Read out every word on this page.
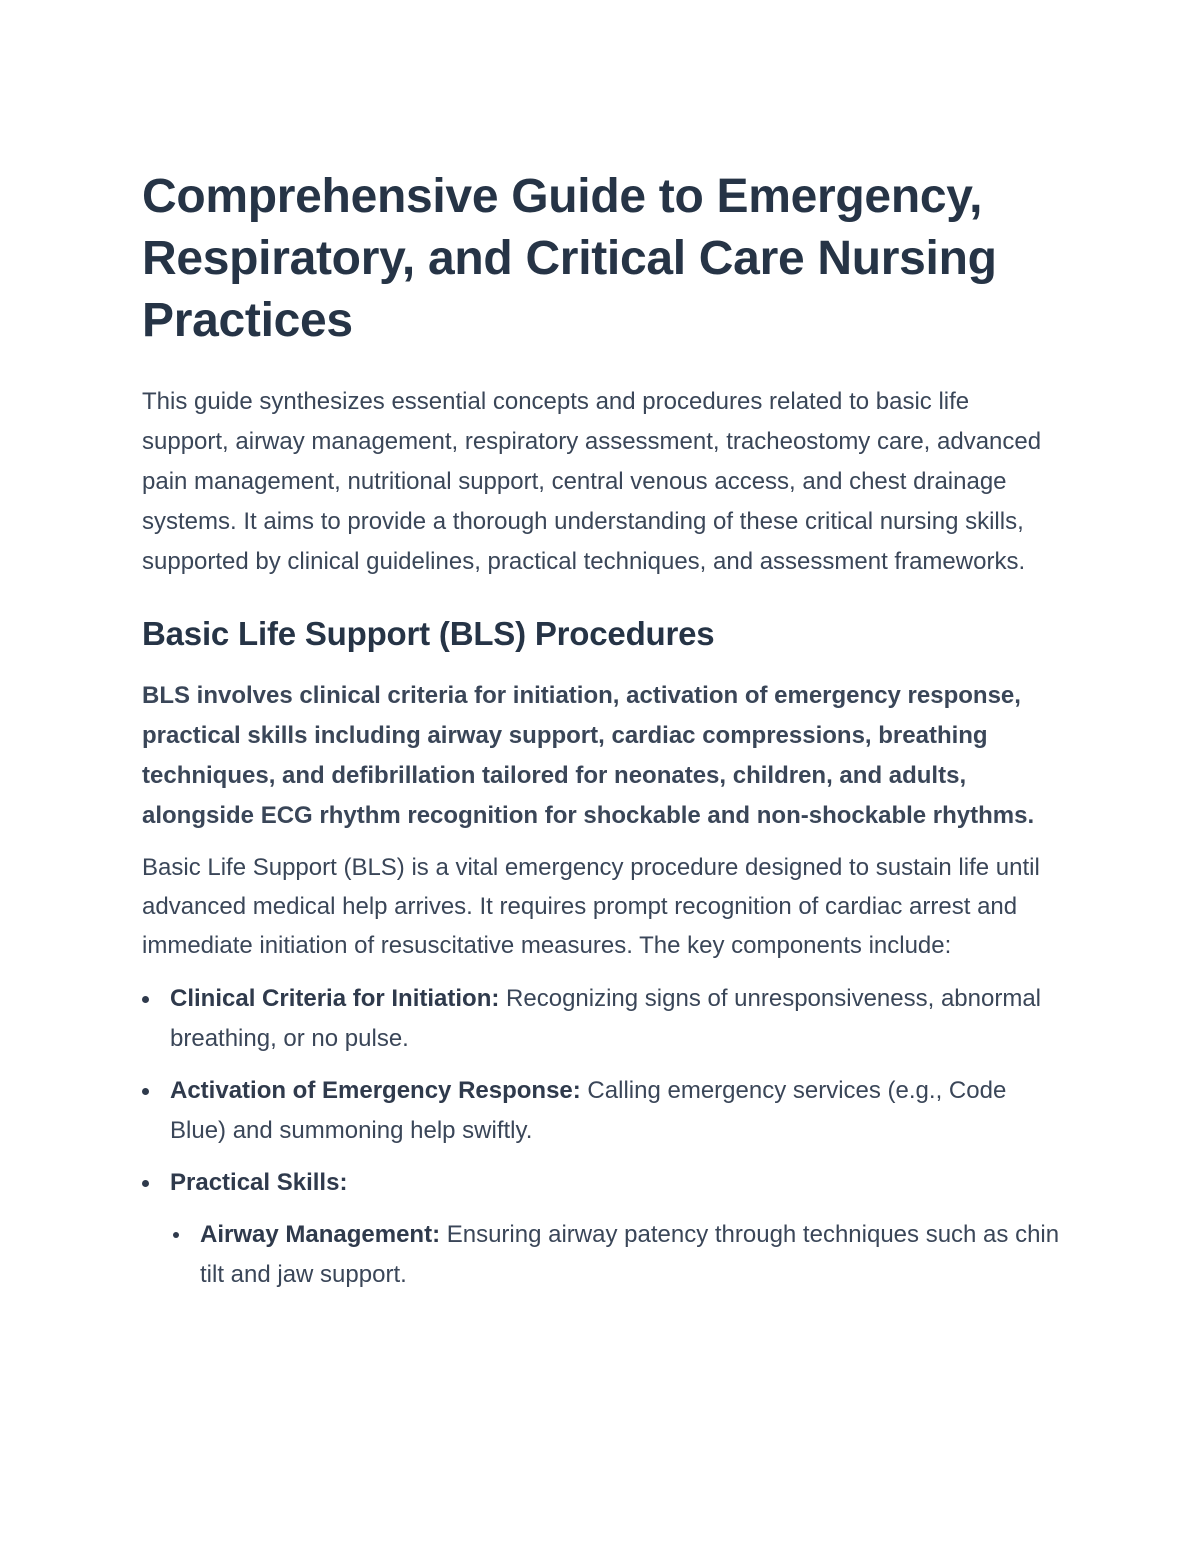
Comprehensive Guide to Emergency, Respiratory, and Critical Care Nursing Practices

This guide synthesizes essential concepts and procedures related to basic life support, airway management, respiratory assessment, tracheostomy care, advanced pain management, nutritional support, central venous access, and chest drainage systems. It aims to provide a thorough understanding of these critical nursing skills, supported by clinical guidelines, practical techniques, and assessment frameworks.

Basic Life Support (BLS) Procedures

BLS involves clinical criteria for initiation, activation of emergency response, practical skills including airway support, cardiac compressions, breathing techniques, and defibrillation tailored for neonates, children, and adults, alongside ECG rhythm recognition for shockable and non-shockable rhythms.

Basic Life Support (BLS) is a vital emergency procedure designed to sustain life until advanced medical help arrives. It requires prompt recognition of cardiac arrest and immediate initiation of resuscitative measures. The key components include:

Clinical Criteria for Initiation: Recognizing signs of unresponsiveness, abnormal breathing, or no pulse.
Activation of Emergency Response: Calling emergency services (e.g., Code Blue) and summoning help swiftly.
Practical Skills:
Airway Management: Ensuring airway patency through techniques such as chin tilt and jaw support.
